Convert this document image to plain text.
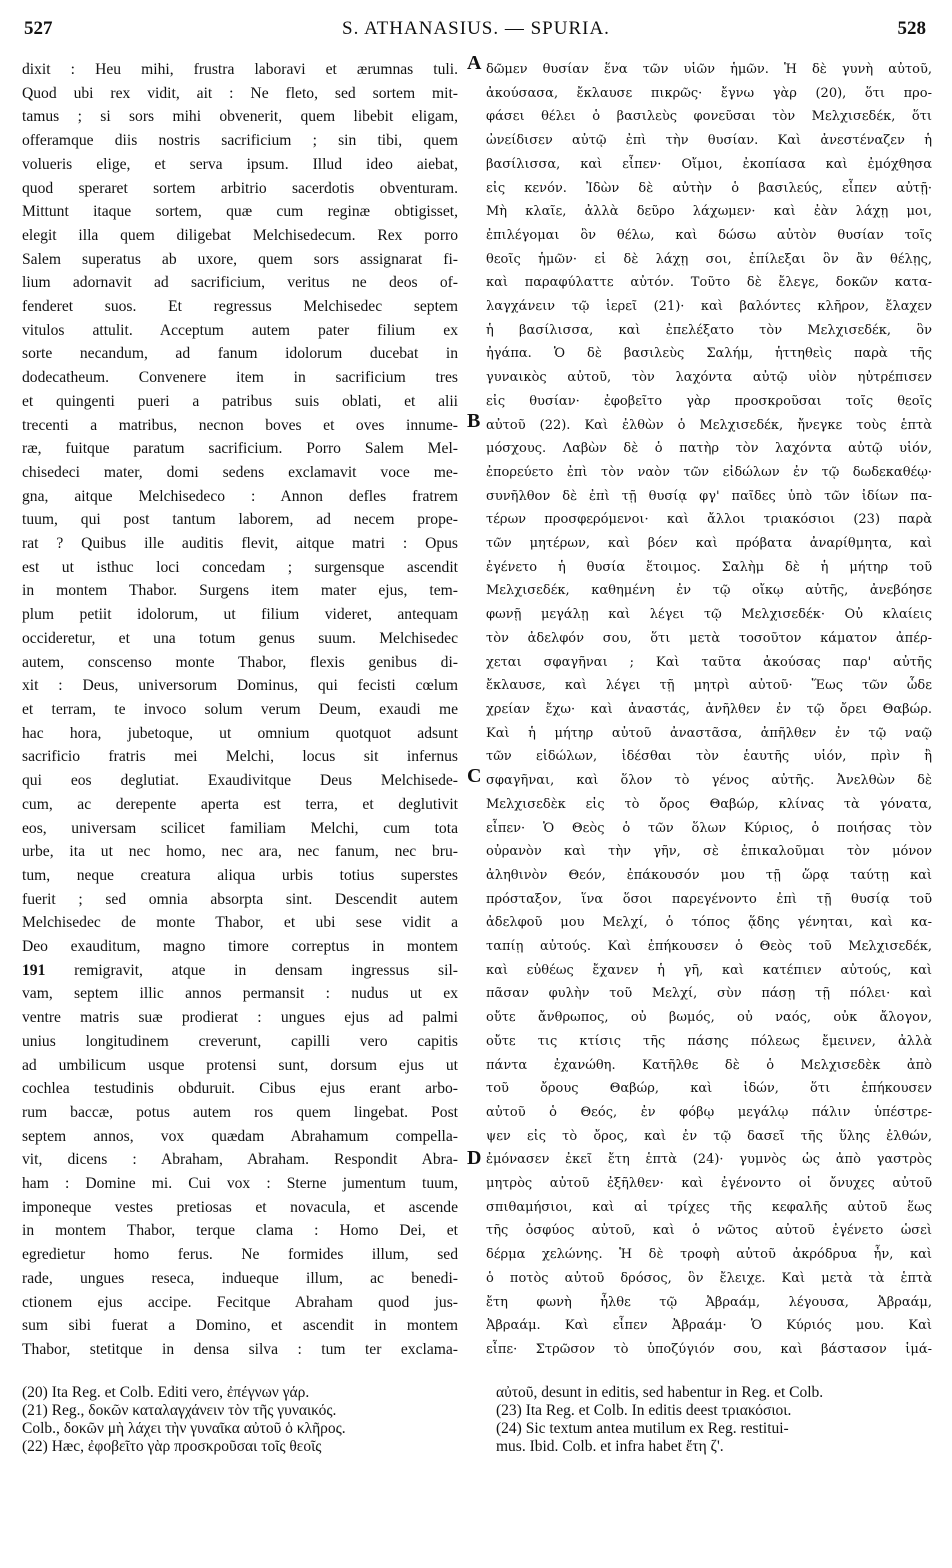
527	S. ATHANASIUS. — SPURIA.	528
dixit : Heu mihi, frustra laboravi et ærumnas tuli.
Quod ubi rex vidit, ait : Ne fleto, sed sortem mit-
tamus ; si sors mihi obvenerit, quem libebit eligam,
offeramque diis nostris sacrificium ; sin tibi, quem
volueris elige, et serva ipsum. Illud ideo aiebat,
quod speraret sortem arbitrio sacerdotis obventuram.
Mittunt itaque sortem, quæ cum reginæ obtigisset,
elegit illa quem diligebat Melchisedecum. Rex porro
Salem superatus ab uxore, quem sors assignarat fi-
lium adornavit ad sacrificium, veritus ne deos of-
fenderet suos. Et regressus Melchisedec septem
vitulos attulit. Acceptum autem pater filium ex
sorte necandum, ad fanum idolorum ducebat in
dodecatheum. Convenere item in sacrificium tres
et quingenti pueri a patribus suis oblati, et alii
trecenti a matribus, necnon boves et oves innume-
ræ, fuitque paratum sacrificium. Porro Salem Mel-
chisedeci mater, domi sedens exclamavit voce me-
gna, aitque Melchisedeco : Annon defles fratrem
tuum, qui post tantum laborem, ad necem prope-
rat ? Quibus ille auditis flevit, aitque matri : Opus
est ut isthuc loci concedam ; surgensque ascendit
in montem Thabor. Surgens item mater ejus, tem-
plum petiit idolorum, ut filium videret, antequam
occideretur, et una totum genus suum. Melchisedec
autem, conscenso monte Thabor, flexis genibus di-
xit : Deus, universorum Dominus, qui fecisti cœlum
et terram, te invoco solum verum Deum, exaudi me
hac hora, jubetoque, ut omnium quotquot adsunt
sacrificio fratris mei Melchi, locus sit infernus
qui eos deglutiat. Exaudivitque Deus Melchisede-
cum, ac derepente aperta est terra, et deglutivit
eos, universam scilicet familiam Melchi, cum tota
urbe, ita ut nec homo, nec ara, nec fanum, nec bru-
tum, neque creatura aliqua urbis totius superstes
fuerit ; sed omnia absorpta sint. Descendit autem
Melchisedec de monte Thabor, et ubi sese vidit a
Deo exauditum, magno timore correptus in montem
191 remigravit, atque in densam ingressus sil-
vam, septem illic annos permansit : nudus ut ex
ventre matris suæ prodierat : ungues ejus ad palmi
unius longitudinem creverunt, capilli vero capitis
ad umbilicum usque protensi sunt, dorsum ejus ut
cochlea testudinis obduruit. Cibus ejus erant arbo-
rum baccæ, potus autem ros quem lingebat. Post
septem annos, vox quædam Abrahamum compella-
vit, dicens : Abraham, Abraham. Respondit Abra-
ham : Domine mi. Cui vox : Sterne jumentum tuum,
imponeque vestes pretiosas et novacula, et ascende
in montem Thabor, terque clama : Homo Dei, et
egredietur homo ferus. Ne formides illum, sed
rade, ungues reseca, indueque illum, ac benedi-
ctionem ejus accipe. Fecitque Abraham quod jus-
sum sibi fuerat a Domino, et ascendit in montem
Thabor, stetitque in densa silva : tum ter exclama-
δῶμεν θυσίαν ἕνα τῶν υἱῶν ἡμῶν. Ἡ δὲ γυνὴ αὐτοῦ,
ἀκούσασα, ἔκλαυσε πικρῶς· ἔγνω γὰρ (20), ὅτι προ-
φάσει θέλει ὁ βασιλεὺς φονεῦσαι τὸν Μελχισεδέκ, ὅτι
ὠνείδισεν αὐτῷ ἐπὶ τὴν θυσίαν. Καὶ ἀνεστέναζεν ἡ
βασίλισσα, καὶ εἶπεν· Οἴμοι, ἐκοπίασα καὶ ἐμόχθησα
εἰς κενόν. Ἰδὼν δὲ αὐτὴν ὁ βασιλεύς, εἶπεν αὐτῇ·
Μὴ κλαῖε, ἀλλὰ δεῦρο λάχωμεν· καὶ ἐὰν λάχῃ μοι,
ἐπιλέγομαι ὃν θέλω, καὶ δώσω αὐτὸν θυσίαν τοῖς
θεοῖς ἡμῶν· εἰ δὲ λάχῃ σοι, ἐπίλεξαι ὃν ἂν θέλῃς,
καὶ παραφύλαττε αὐτόν. Τοῦτο δὲ ἔλεγε, δοκῶν κατα-
λαγχάνειν τῷ ἱερεῖ (21)· καὶ βαλόντες κλῆρον, ἔλαχεν
ἡ βασίλισσα, καὶ ἐπελέξατο τὸν Μελχισεδέκ, ὃν
ἠγάπα. Ὁ δὲ βασιλεὺς Σαλήμ, ἡττηθεὶς παρὰ τῆς
γυναικὸς αὐτοῦ, τὸν λαχόντα αὐτῷ υἱὸν ηὐτρέπισεν
εἰς θυσίαν· ἐφοβεῖτο γὰρ προσκροῦσαι τοῖς θεοῖς
αὐτοῦ (22). Καὶ ἐλθὼν ὁ Μελχισεδέκ, ἤνεγκε τοὺς ἑπτὰ
μόσχους. Λαβὼν δὲ ὁ πατὴρ τὸν λαχόντα αὐτῷ υἱόν,
ἐπορεύετο ἐπὶ τὸν ναὸν τῶν εἰδώλων ἐν τῷ δωδεκαθέῳ·
συνῆλθον δὲ ἐπὶ τῇ θυσίᾳ φγ' παῖδες ὑπὸ τῶν ἰδίων πα-
τέρων προσφερόμενοι· καὶ ἄλλοι τριακόσιοι (23) παρὰ
τῶν μητέρων, καὶ βόεν καὶ πρόβατα ἀναρίθμητα, καὶ
ἐγένετο ἡ θυσία ἕτοιμος. Σαλὴμ δὲ ἡ μήτηρ τοῦ
Μελχισεδέκ, καθημένη ἐν τῷ οἴκῳ αὐτῆς, ἀνεβόησε
φωνῇ μεγάλῃ καὶ λέγει τῷ Μελχισεδέκ· Οὐ κλαίεις
τὸν ἀδελφόν σου, ὅτι μετὰ τοσοῦτον κάματον ἀπέρ-
χεται σφαγῆναι ; Καὶ ταῦτα ἀκούσας παρ' αὐτῆς
ἔκλαυσε, καὶ λέγει τῇ μητρὶ αὐτοῦ· Ἕως τῶν ὧδε
χρείαν ἔχω· καὶ ἀναστάς, ἀνῆλθεν ἐν τῷ ὄρει Θαβώρ.
Καὶ ἡ μήτηρ αὐτοῦ ἀναστᾶσα, ἀπῆλθεν ἐν τῷ ναῷ
τῶν εἰδώλων, ἰδέσθαι τὸν ἑαυτῆς υἱόν, πρὶν ἢ
σφαγῆναι, καὶ ὅλον τὸ γένος αὐτῆς. Ἀνελθὼν δὲ
Μελχισεδὲκ εἰς τὸ ὄρος Θαβώρ, κλίνας τὰ γόνατα,
εἶπεν· Ὁ Θεὸς ὁ τῶν ὅλων Κύριος, ὁ ποιήσας τὸν
οὐρανὸν καὶ τὴν γῆν, σὲ ἐπικαλοῦμαι τὸν μόνον
ἀληθινὸν Θεόν, ἐπάκουσόν μου τῇ ὥρᾳ ταύτῃ καὶ
πρόσταξον, ἵνα ὅσοι παρεγένοντο ἐπὶ τῇ θυσίᾳ τοῦ
ἀδελφοῦ μου Μελχί, ὁ τόπος ᾅδης γένηται, καὶ κα-
ταπίῃ αὐτούς. Καὶ ἐπήκουσεν ὁ Θεὸς τοῦ Μελχισεδέκ,
καὶ εὐθέως ἔχανεν ἡ γῆ, καὶ κατέπιεν αὐτούς, καὶ
πᾶσαν φυλὴν τοῦ Μελχί, σὺν πάσῃ τῇ πόλει· καὶ
οὔτε ἄνθρωπος, οὐ βωμός, οὐ ναός, οὐκ ἄλογον,
οὔτε τις κτίσις τῆς πάσης πόλεως ἔμεινεν, ἀλλὰ
πάντα ἐχανώθη. Κατῆλθε δὲ ὁ Μελχισεδὲκ ἀπὸ
τοῦ ὄρους Θαβώρ, καὶ ἰδών, ὅτι ἐπήκουσεν
αὐτοῦ ὁ Θεός, ἐν φόβῳ μεγάλῳ πάλιν ὑπέστρε-
ψεν εἰς τὸ ὄρος, καὶ ἐν τῷ δασεῖ τῆς ὕλης ἐλθών,
ἐμόνασεν ἐκεῖ ἔτη ἑπτὰ (24)· γυμνὸς ὡς ἀπὸ γαστρὸς
μητρὸς αὐτοῦ ἐξῆλθεν· καὶ ἐγένοντο οἱ ὄνυχες αὐτοῦ
σπιθαμήσιοι, καὶ αἱ τρίχες τῆς κεφαλῆς αὐτοῦ ἕως
τῆς ὀσφύος αὐτοῦ, καὶ ὁ νῶτος αὐτοῦ ἐγένετο ὡσεὶ
δέρμα χελώνης. Ἡ δὲ τροφὴ αὐτοῦ ἀκρόδρυα ἦν, καὶ
ὁ ποτὸς αὐτοῦ δρόσος, ὃν ἔλειχε. Καὶ μετὰ τὰ ἑπτὰ
ἔτη φωνὴ ἦλθε τῷ Ἀβραάμ, λέγουσα, Ἀβραάμ,
Ἀβραάμ. Καὶ εἶπεν Ἀβραάμ· Ὁ Κύριός μου. Καὶ
εἶπε· Στρῶσον τὸ ὑποζύγιόν σου, καὶ βάστασον ἱμά-
A
B
C
D
(20) Ita Reg. et Colb. Editi vero, ἐπέγνων γάρ.
(21) Reg., δοκῶν καταλαγχάνειν τὸν τῆς γυναικός.
Colb., δοκῶν μὴ λάχει τὴν γυναῖκα αὐτοῦ ὁ κλῆρος.
(22) Hæc, ἐφοβεῖτο γὰρ προσκροῦσαι τοῖς θεοῖς
αὐτοῦ, desunt in editis, sed habentur in Reg. et Colb.
(23) Ita Reg. et Colb. In editis deest τριακόσιοι.
(24) Sic textum antea mutilum ex Reg. restitui-
mus. Ibid. Colb. et infra habet ἔτη ζ'.
